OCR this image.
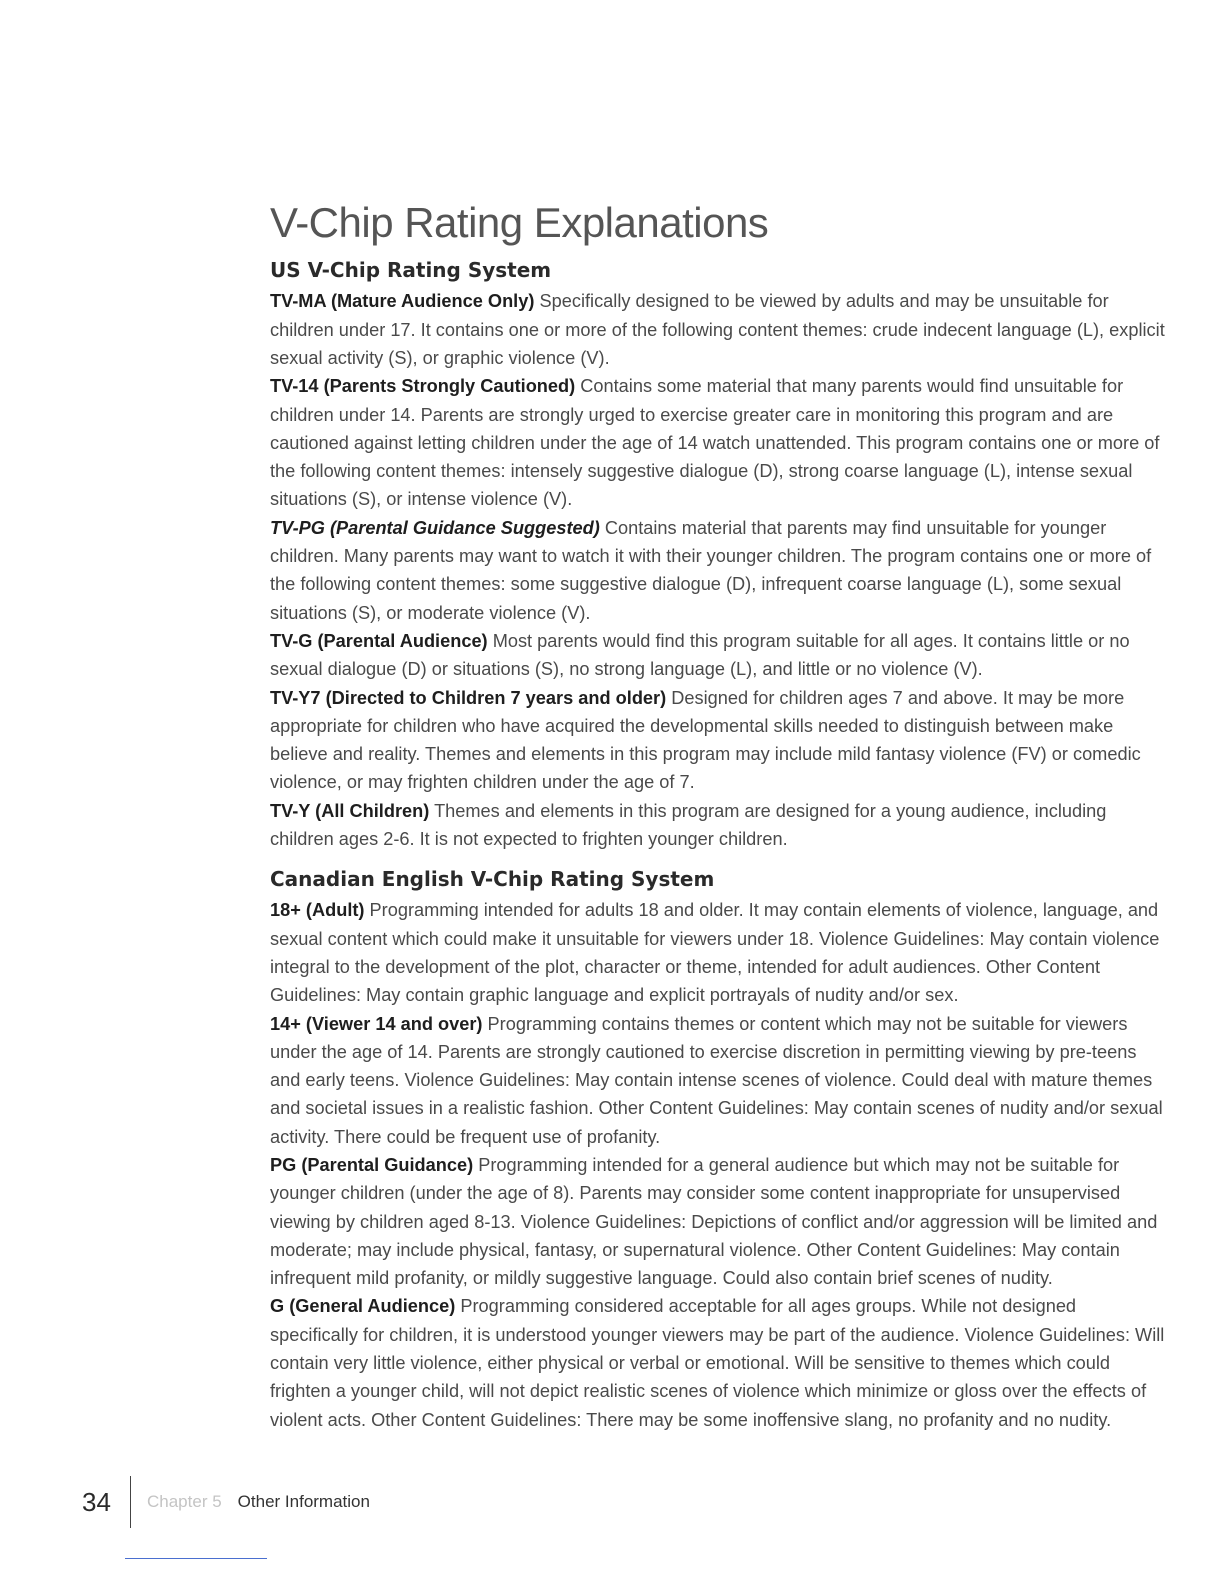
V-Chip Rating Explanations
US V-Chip Rating System

TV-MA (Mature Audience Only) Specifically designed to be viewed by adults and may be unsuitable for children under 17. It contains one or more of the following content themes: crude indecent language (L), explicit sexual activity (S), or graphic violence (V).

TV-14 (Parents Strongly Cautioned) Contains some material that many parents would find unsuitable for children under 14. Parents are strongly urged to exercise greater care in monitoring this program and are cautioned against letting children under the age of 14 watch unattended. This program contains one or more of the following content themes: intensely suggestive dialogue (D), strong coarse language (L), intense sexual situations (S), or intense violence (V).

TV-PG (Parental Guidance Suggested) Contains material that parents may find unsuitable for younger children. Many parents may want to watch it with their younger children. The program contains one or more of the following content themes: some suggestive dialogue (D), infrequent coarse language (L), some sexual situations (S), or moderate violence (V).

TV-G (Parental Audience) Most parents would find this program suitable for all ages. It contains little or no sexual dialogue (D) or situations (S), no strong language (L), and little or no violence (V).

TV-Y7 (Directed to Children 7 years and older) Designed for children ages 7 and above. It may be more appropriate for children who have acquired the developmental skills needed to distinguish between make believe and reality. Themes and elements in this program may include mild fantasy violence (FV) or comedic violence, or may frighten children under the age of 7.

TV-Y (All Children) Themes and elements in this program are designed for a young audience, including children ages 2-6. It is not expected to frighten younger children.

Canadian English V-Chip Rating System

18+ (Adult) Programming intended for adults 18 and older. It may contain elements of violence, language, and sexual content which could make it unsuitable for viewers under 18. Violence Guidelines: May contain violence integral to the development of the plot, character or theme, intended for adult audiences. Other Content Guidelines: May contain graphic language and explicit portrayals of nudity and/or sex.

14+ (Viewer 14 and over) Programming contains themes or content which may not be suitable for viewers under the age of 14. Parents are strongly cautioned to exercise discretion in permitting viewing by pre-teens and early teens. Violence Guidelines: May contain intense scenes of violence. Could deal with mature themes and societal issues in a realistic fashion. Other Content Guidelines: May contain scenes of nudity and/or sexual activity. There could be frequent use of profanity.

PG (Parental Guidance) Programming intended for a general audience but which may not be suitable for younger children (under the age of 8). Parents may consider some content inappropriate for unsupervised viewing by children aged 8-13. Violence Guidelines: Depictions of conflict and/or aggression will be limited and moderate; may include physical, fantasy, or supernatural violence. Other Content Guidelines: May contain infrequent mild profanity, or mildly suggestive language. Could also contain brief scenes of nudity.

G (General Audience) Programming considered acceptable for all ages groups. While not designed specifically for children, it is understood younger viewers may be part of the audience. Violence Guidelines: Will contain very little violence, either physical or verbal or emotional. Will be sensitive to themes which could frighten a younger child, will not depict realistic scenes of violence which minimize or gloss over the effects of violent acts. Other Content Guidelines: There may be some inoffensive slang, no profanity and no nudity.

34	Chapter 5 Other Information
